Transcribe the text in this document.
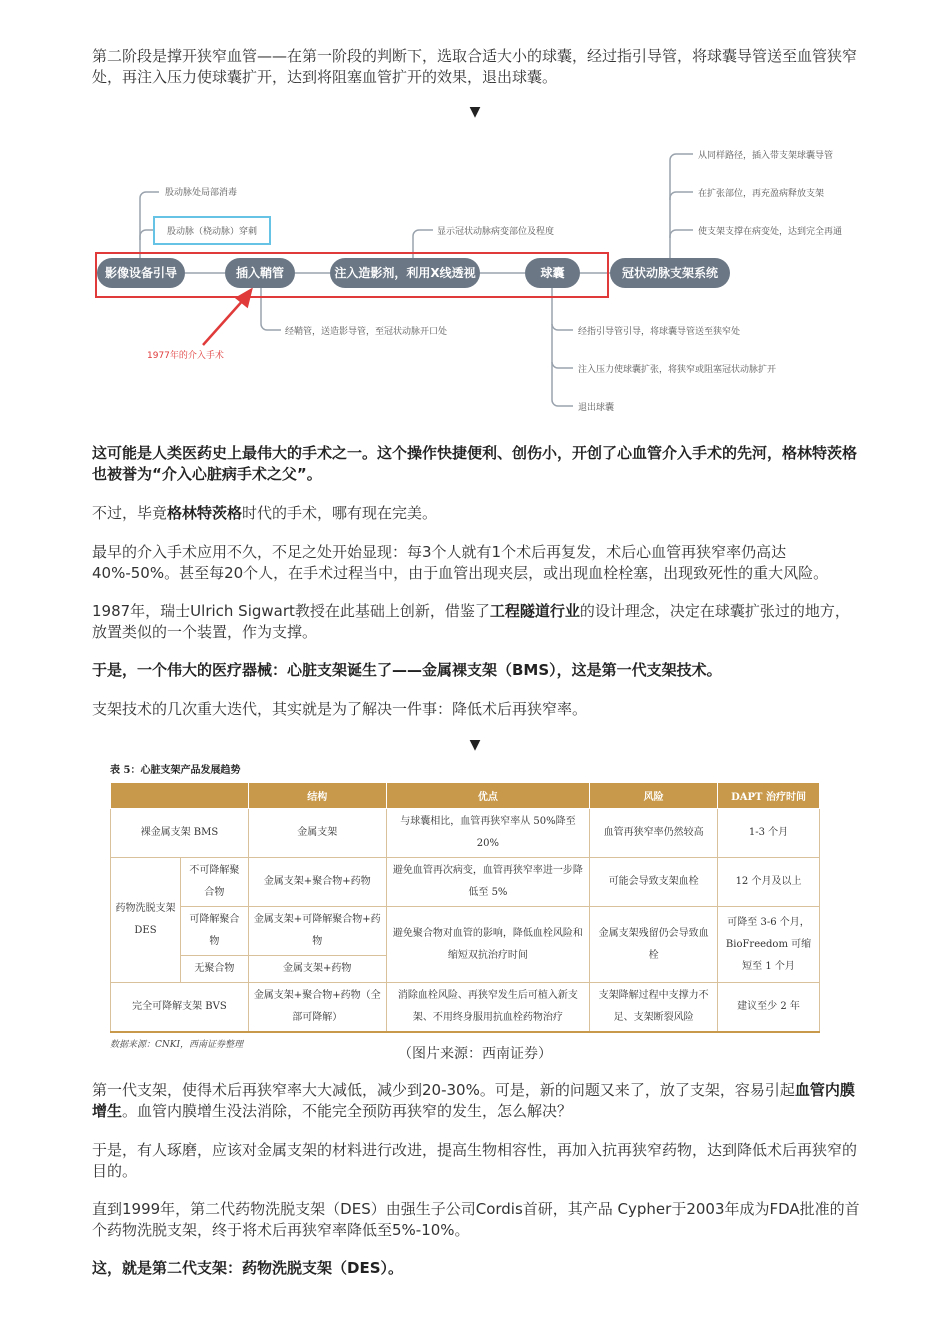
第二阶段是撑开狭窄血管——在第一阶段的判断下，选取合适大小的球囊，经过指引导管，将球囊导管送至血管狭窄处，再注入压力使球囊扩开，达到将阻塞血管扩开的效果，退出球囊。

▼
影像设备引导	插入鞘管	注入造影剂，利用X线透视	球囊	冠状动脉支架系统
股动脉处局部消毒
股动脉（桡动脉）穿刺
经鞘管，送造影导管，至冠状动脉开口处
显示冠状动脉病变部位及程度
经指引导管引导，将球囊导管送至狭窄处
注入压力使球囊扩张，将狭窄或阻塞冠状动脉扩开
退出球囊
从同样路径，插入带支架球囊导管
在扩张部位，再充盈病释放支架
使支架支撑在病变处，达到完全再通
1977年的介入手术

这可能是人类医药史上最伟大的手术之一。这个操作快捷便利、创伤小，开创了心血管介入手术的先河，格林特茨格也被誉为“介入心脏病手术之父”。

不过，毕竟格林特茨格时代的手术，哪有现在完美。

最早的介入手术应用不久，不足之处开始显现：每3个人就有1个术后再复发，术后心血管再狭窄率仍高达40%-50%。甚至每20个人，在手术过程当中，由于血管出现夹层，或出现血栓栓塞，出现致死性的重大风险。

1987年，瑞士Ulrich Sigwart教授在此基础上创新，借鉴了工程隧道行业的设计理念，决定在球囊扩张过的地方，放置类似的一个装置，作为支撑。

于是，一个伟大的医疗器械：心脏支架诞生了——金属裸支架（BMS），这是第一代支架技术。

支架技术的几次重大迭代，其实就是为了解决一件事：降低术后再狭窄率。

▼
表 5：心脏支架产品发展趋势
		结构	优点	风险	DAPT 治疗时间
裸金属支架 BMS		金属支架	与球囊相比，血管再狭窄率从 50%降至 20%	血管再狭窄率仍然较高	1-3 个月
药物洗脱支架 DES	不可降解聚合物	金属支架+聚合物+药物	避免血管再次病变，血管再狭窄率进一步降低至 5%	可能会导致支架血栓	12 个月及以上
	可降解聚合物	金属支架+可降解聚合物+药物	避免聚合物对血管的影响，降低血栓风险和缩短双抗治疗时间	金属支架残留仍会导致血栓	可降至 3-6 个月，BioFreedom 可缩短至 1 个月
	无聚合物	金属支架+药物			
完全可降解支架 BVS		金属支架+聚合物+药物（全部可降解）	消除血栓风险、再狭窄发生后可植入新支架、不用终身服用抗血栓药物治疗	支架降解过程中支撑力不足、支架断裂风险	建议至少 2 年
数据来源：CNKI，西南证券整理
（图片来源：西南证券）

第一代支架，使得术后再狭窄率大大减低，减少到20-30%。可是，新的问题又来了，放了支架，容易引起血管内膜增生。血管内膜增生没法消除，不能完全预防再狭窄的发生，怎么解决？

于是，有人琢磨，应该对金属支架的材料进行改进，提高生物相容性，再加入抗再狭窄药物，达到降低术后再狭窄的目的。

直到1999年，第二代药物洗脱支架（DES）由强生子公司Cordis首研，其产品 Cypher于2003年成为FDA批准的首个药物洗脱支架，终于将术后再狭窄率降低至5%-10%。

这，就是第二代支架：药物洗脱支架（DES）。
